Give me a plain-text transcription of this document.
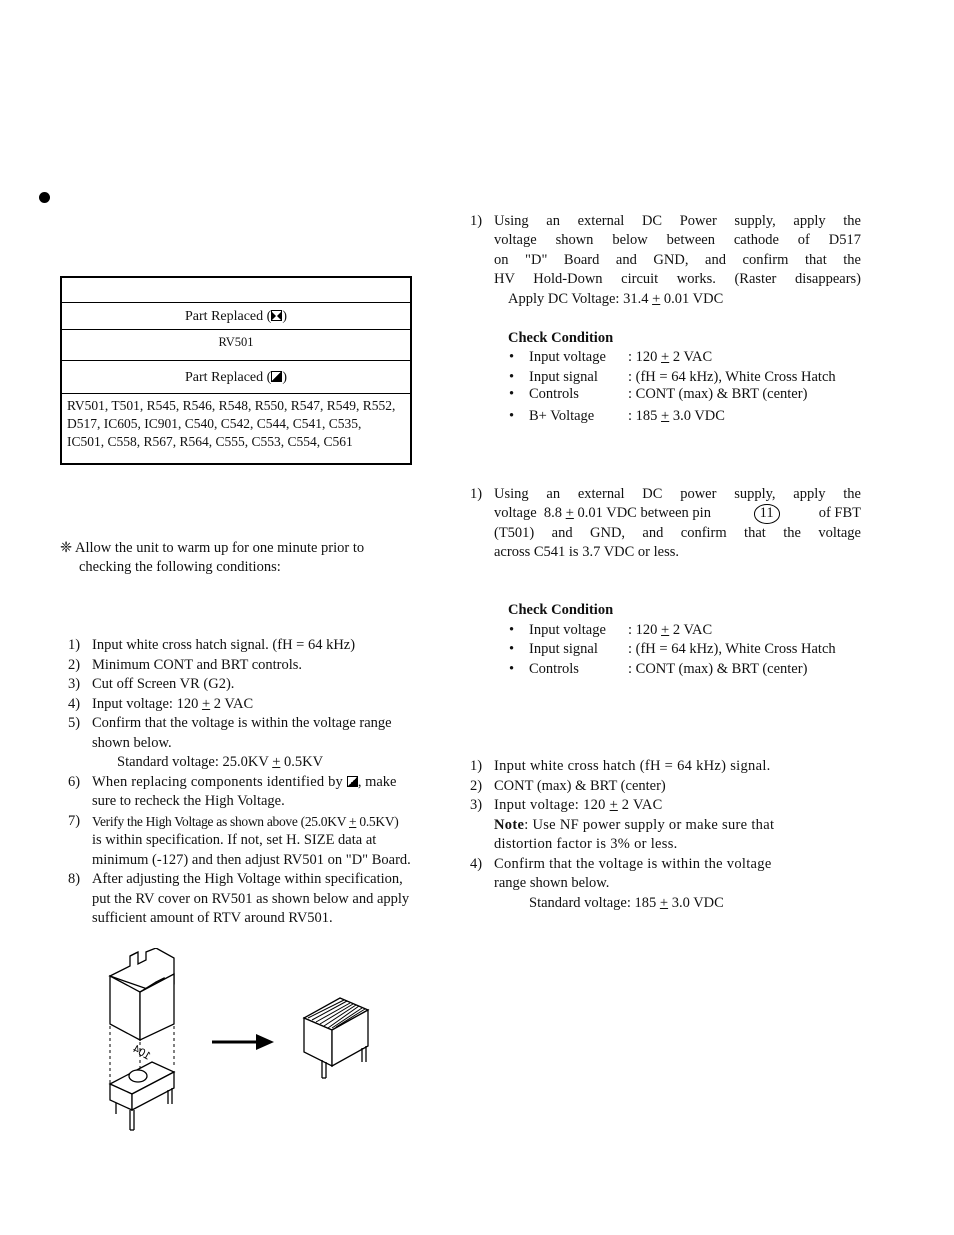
Part Replaced ( )
RV501
Part Replaced ( )
RV501, T501, R545, R546, R548, R550, R547, R549, R552,
D517, IC605, IC901, C540, C542, C544, C541, C535,
IC501, C558, R567, R564, C555, C553, C554, C561
❈ Allow the unit to warm up for one minute prior to
checking the following conditions:
1) Input white cross hatch signal. (fH = 64 kHz)
2) Minimum CONT and BRT controls.
3) Cut off Screen VR (G2).
4) Input voltage: 120 + 2 VAC
5) Confirm that the voltage is within the voltage range
shown below.
Standard voltage: 25.0KV + 0.5KV
6) When replacing components identified by , make
sure to recheck the High Voltage.
7) Verify the High Voltage as shown above (25.0KV + 0.5KV)
is within specification. If not, set H. SIZE data at
minimum (-127) and then adjust RV501 on "D" Board.
8) After adjusting the High Voltage within specification,
put the RV cover on RV501 as shown below and apply
sufficient amount of RTV around RV501.
104
1) Using an external DC Power supply, apply the
voltage shown below between cathode of D517
on "D" Board and GND, and confirm that the
HV Hold-Down circuit works. (Raster disappears)
Apply DC Voltage: 31.4 + 0.01 VDC
Check Condition
• Input voltage : 120 + 2 VAC
• Input signal : (fH = 64 kHz), White Cross Hatch
• Controls	: CONT (max) & BRT (center)
• B+ Voltage : 185 + 3.0 VDC
1) Using an external DC power supply, apply the
voltage  8.8 + 0.01 VDC between pin	11	of FBT
(T501) and GND, and confirm that the voltage
across C541 is 3.7 VDC or less.
Check Condition
• Input voltage : 120 + 2 VAC
• Input signal : (fH = 64 kHz), White Cross Hatch
• Controls	: CONT (max) & BRT (center)
1) Input white cross hatch (fH = 64 kHz) signal.
2) CONT (max) & BRT (center)
3) Input voltage: 120 + 2 VAC
Note: Use NF power supply or make sure that
distortion factor is 3% or less.
4) Confirm that the voltage is within the voltage
range shown below.
Standard voltage: 185 + 3.0 VDC
